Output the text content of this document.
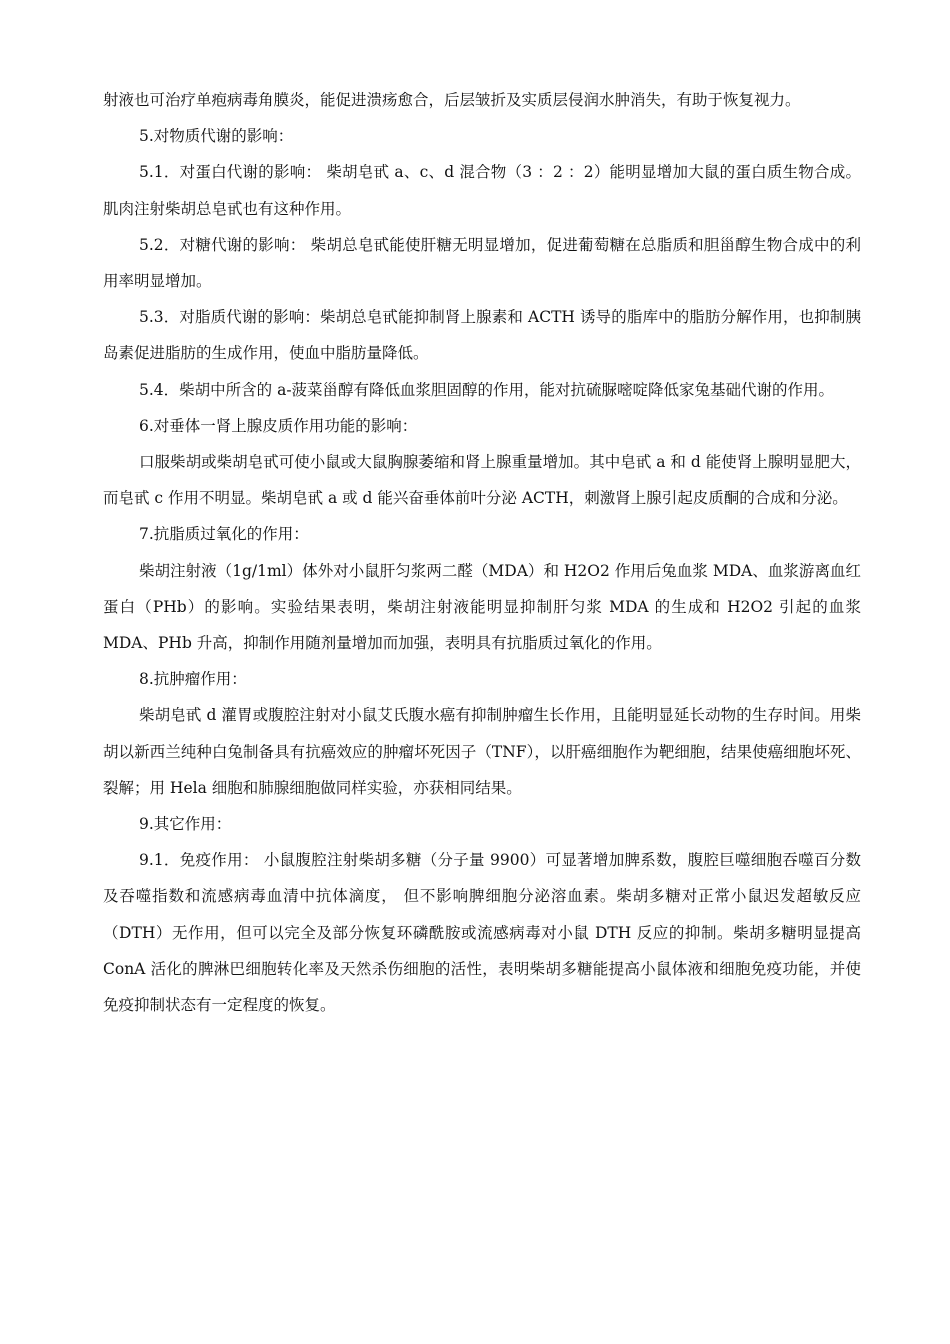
射液也可治疗单疱病毒角膜炎，能促进溃疡愈合，后层皱折及实质层侵润水肿消失，有助于恢复视力。

5.对物质代谢的影响：

5.1．对蛋白代谢的影响： 柴胡皂甙 a、c、d 混合物（3 ：2 ：2）能明显增加大鼠的蛋白质生物合成。肌肉注射柴胡总皂甙也有这种作用。

5.2．对糖代谢的影响： 柴胡总皂甙能使肝糖无明显增加，促进葡萄糖在总脂质和胆甾醇生物合成中的利用率明显增加。

5.3．对脂质代谢的影响：柴胡总皂甙能抑制肾上腺素和 ACTH 诱导的脂库中的脂肪分解作用，也抑制胰岛素促进脂肪的生成作用，使血中脂肪量降低。

5.4．柴胡中所含的 a-菠菜甾醇有降低血浆胆固醇的作用，能对抗硫脲嘧啶降低家兔基础代谢的作用。

6.对垂体一肾上腺皮质作用功能的影响：

口服柴胡或柴胡皂甙可使小鼠或大鼠胸腺萎缩和肾上腺重量增加。其中皂甙 a 和 d 能使肾上腺明显肥大，而皂甙 c 作用不明显。柴胡皂甙 a 或 d 能兴奋垂体前叶分泌 ACTH，刺激肾上腺引起皮质酮的合成和分泌。

7.抗脂质过氧化的作用：

柴胡注射液（1g/1ml）体外对小鼠肝匀浆两二醛（MDA）和 H2O2 作用后兔血浆 MDA、血浆游离血红蛋白（PHb）的影响。实验结果表明，柴胡注射液能明显抑制肝匀浆 MDA 的生成和 H2O2 引起的血浆 MDA、PHb 升高，抑制作用随剂量增加而加强，表明具有抗脂质过氧化的作用。

8.抗肿瘤作用：

柴胡皂甙 d 灌胃或腹腔注射对小鼠艾氏腹水癌有抑制肿瘤生长作用，且能明显延长动物的生存时间。用柴胡以新西兰纯种白兔制备具有抗癌效应的肿瘤坏死因子（TNF），以肝癌细胞作为靶细胞，结果使癌细胞坏死、裂解；用 Hela 细胞和肺腺细胞做同样实验，亦获相同结果。

9.其它作用：

9.1．免疫作用： 小鼠腹腔注射柴胡多糖（分子量 9900）可显著增加脾系数，腹腔巨噬细胞吞噬百分数及吞噬指数和流感病毒血清中抗体滴度， 但不影响脾细胞分泌溶血素。柴胡多糖对正常小鼠迟发超敏反应（DTH）无作用，但可以完全及部分恢复环磷酰胺或流感病毒对小鼠 DTH 反应的抑制。柴胡多糖明显提高 ConA 活化的脾淋巴细胞转化率及天然杀伤细胞的活性，表明柴胡多糖能提高小鼠体液和细胞免疫功能，并使免疫抑制状态有一定程度的恢复。
